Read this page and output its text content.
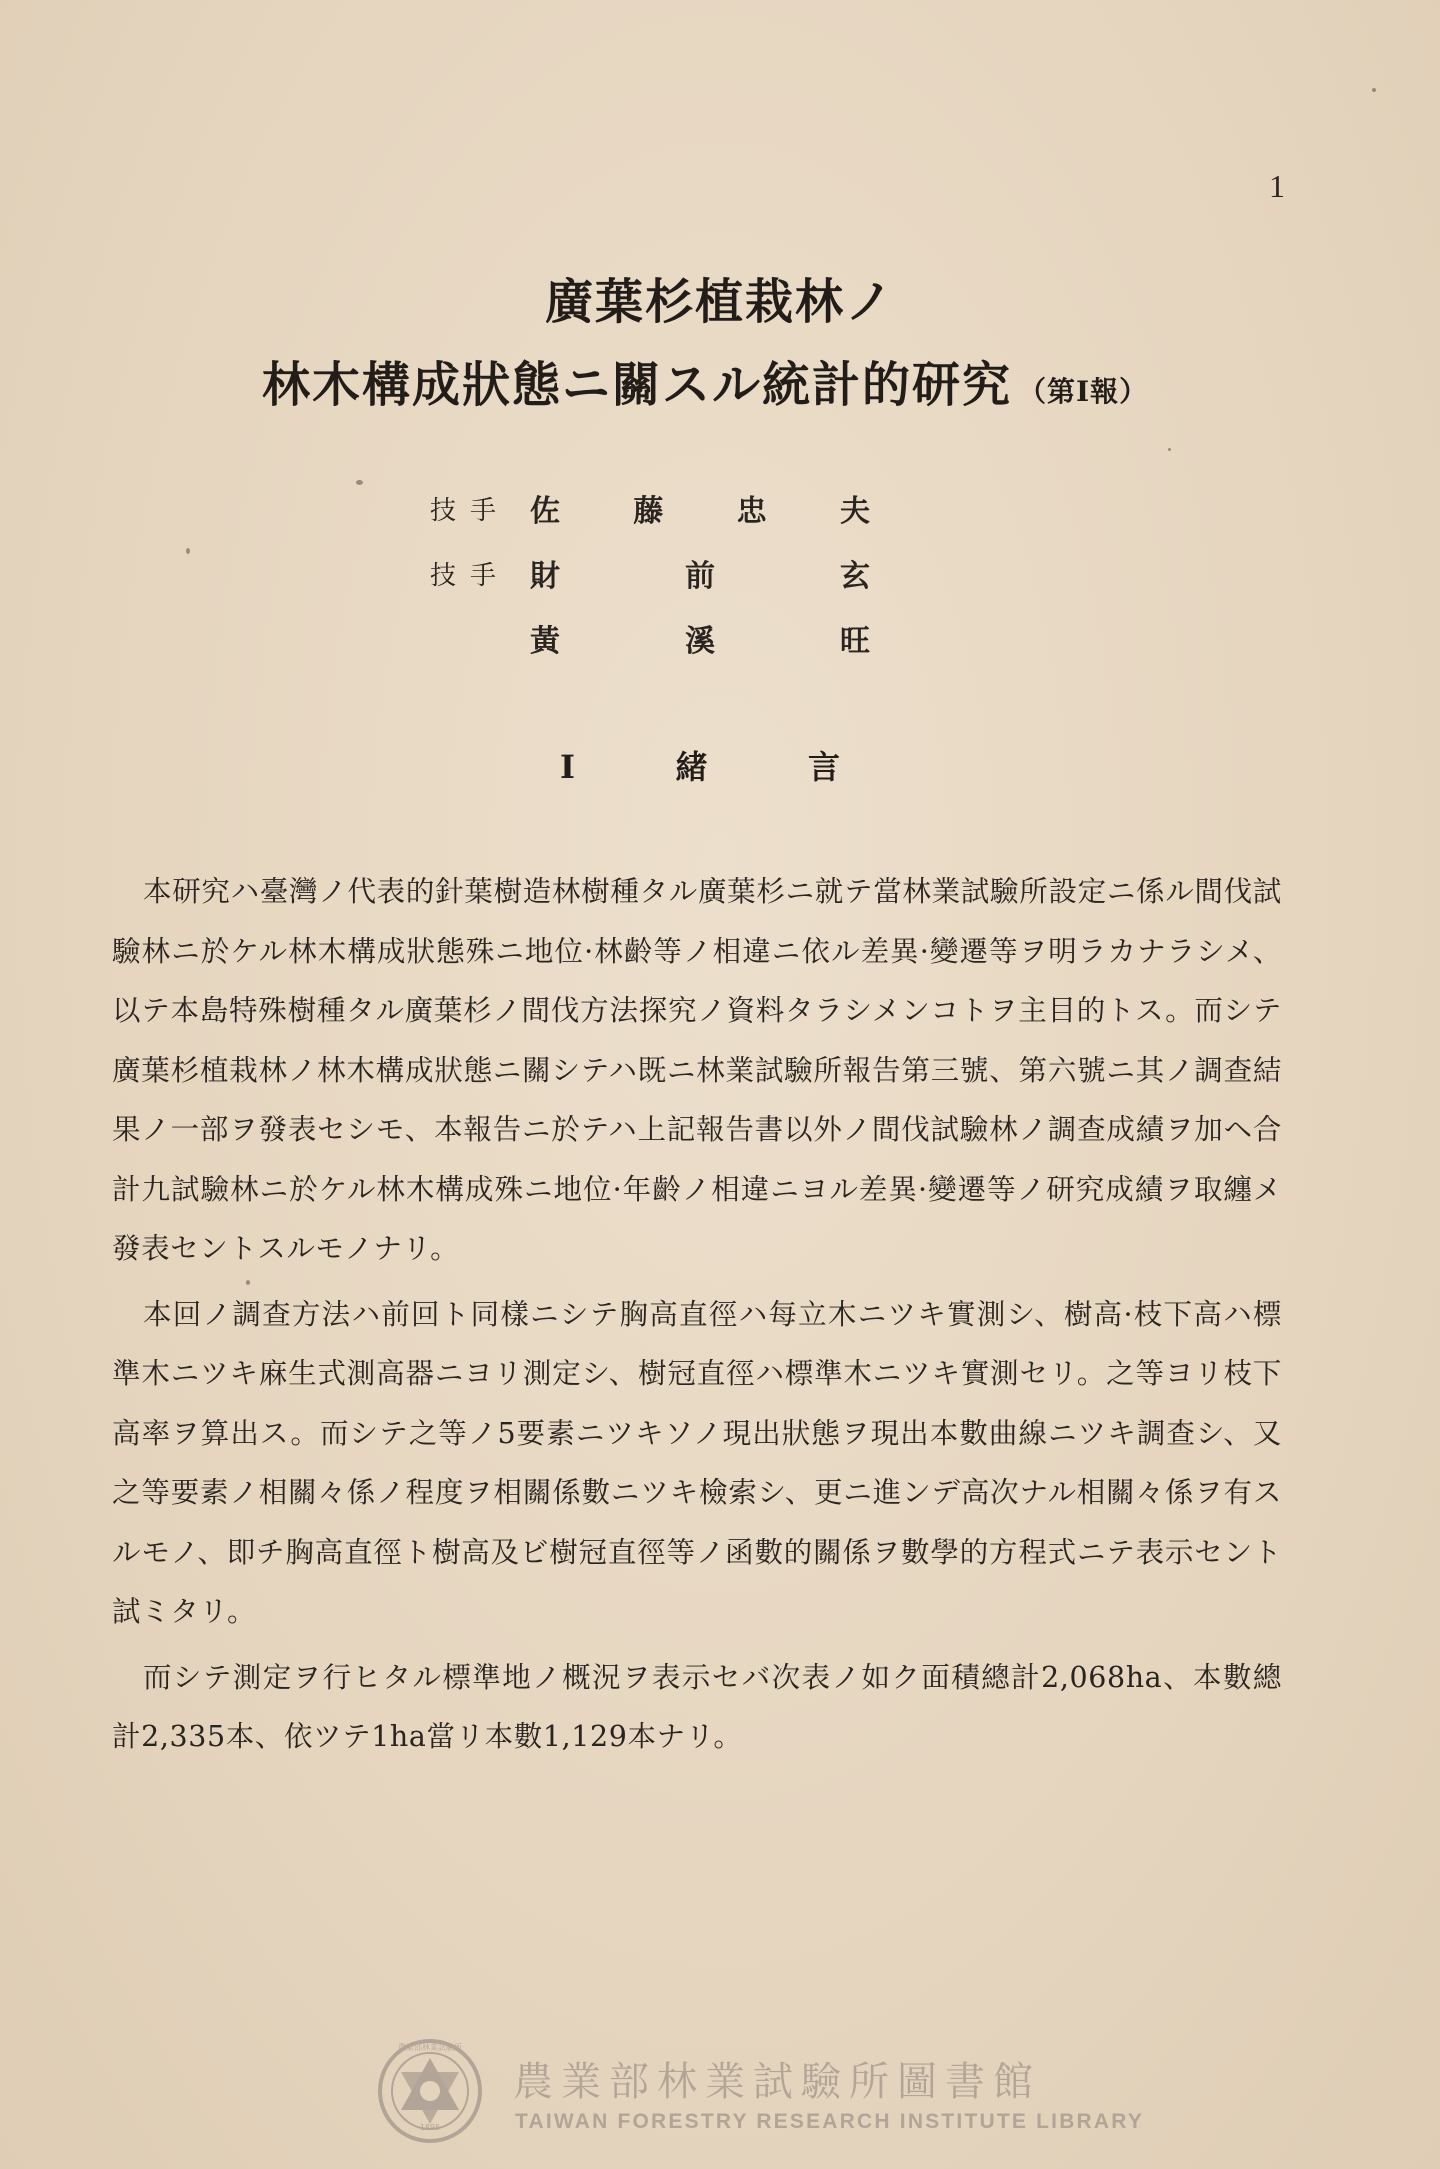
1
廣葉杉植栽林ノ
林木構成狀態ニ關スル統計的研究 （第Ⅰ報）
技手 佐藤忠夫
技手 財前玄
黃溪旺
Ⅰ 緒 言

本研究ハ臺灣ノ代表的針葉樹造林樹種タル廣葉杉ニ就テ當林業試驗所設定ニ係ル間伐試驗林ニ於ケル林木構成狀態殊ニ地位·林齡等ノ相違ニ依ル差異·變遷等ヲ明ラカナラシメ、以テ本島特殊樹種タル廣葉杉ノ間伐方法探究ノ資料タラシメンコトヲ主目的トス。而シテ廣葉杉植栽林ノ林木構成狀態ニ關シテハ既ニ林業試驗所報告第三號、第六號ニ其ノ調查結果ノ一部ヲ發表セシモ、本報告ニ於テハ上記報告書以外ノ間伐試驗林ノ調查成績ヲ加ヘ合計九試驗林ニ於ケル林木構成殊ニ地位·年齡ノ相違ニヨル差異·變遷等ノ研究成績ヲ取纏メ發表セントスルモノナリ。

本回ノ調查方法ハ前回ト同樣ニシテ胸高直徑ハ每立木ニツキ實測シ、樹高·枝下高ハ標準木ニツキ麻生式測高器ニヨリ測定シ、樹冠直徑ハ標準木ニツキ實測セリ。之等ヨリ枝下高率ヲ算出ス。而シテ之等ノ5要素ニツキソノ現出狀態ヲ現出本數曲線ニツキ調查シ、又之等要素ノ相關々係ノ程度ヲ相關係數ニツキ檢索シ、更ニ進ンデ高次ナル相關々係ヲ有スルモノ、即チ胸高直徑ト樹高及ビ樹冠直徑等ノ函數的關係ヲ數學的方程式ニテ表示セント試ミタリ。

而シテ測定ヲ行ヒタル標準地ノ概況ヲ表示セバ次表ノ如ク面積總計2,068ha、本數總計2,335本、依ツテ1ha當リ本數1,129本ナリ。

1895
農業部林業試驗所
農業部林業試驗所圖書館
TAIWAN FORESTRY RESEARCH INSTITUTE LIBRARY
